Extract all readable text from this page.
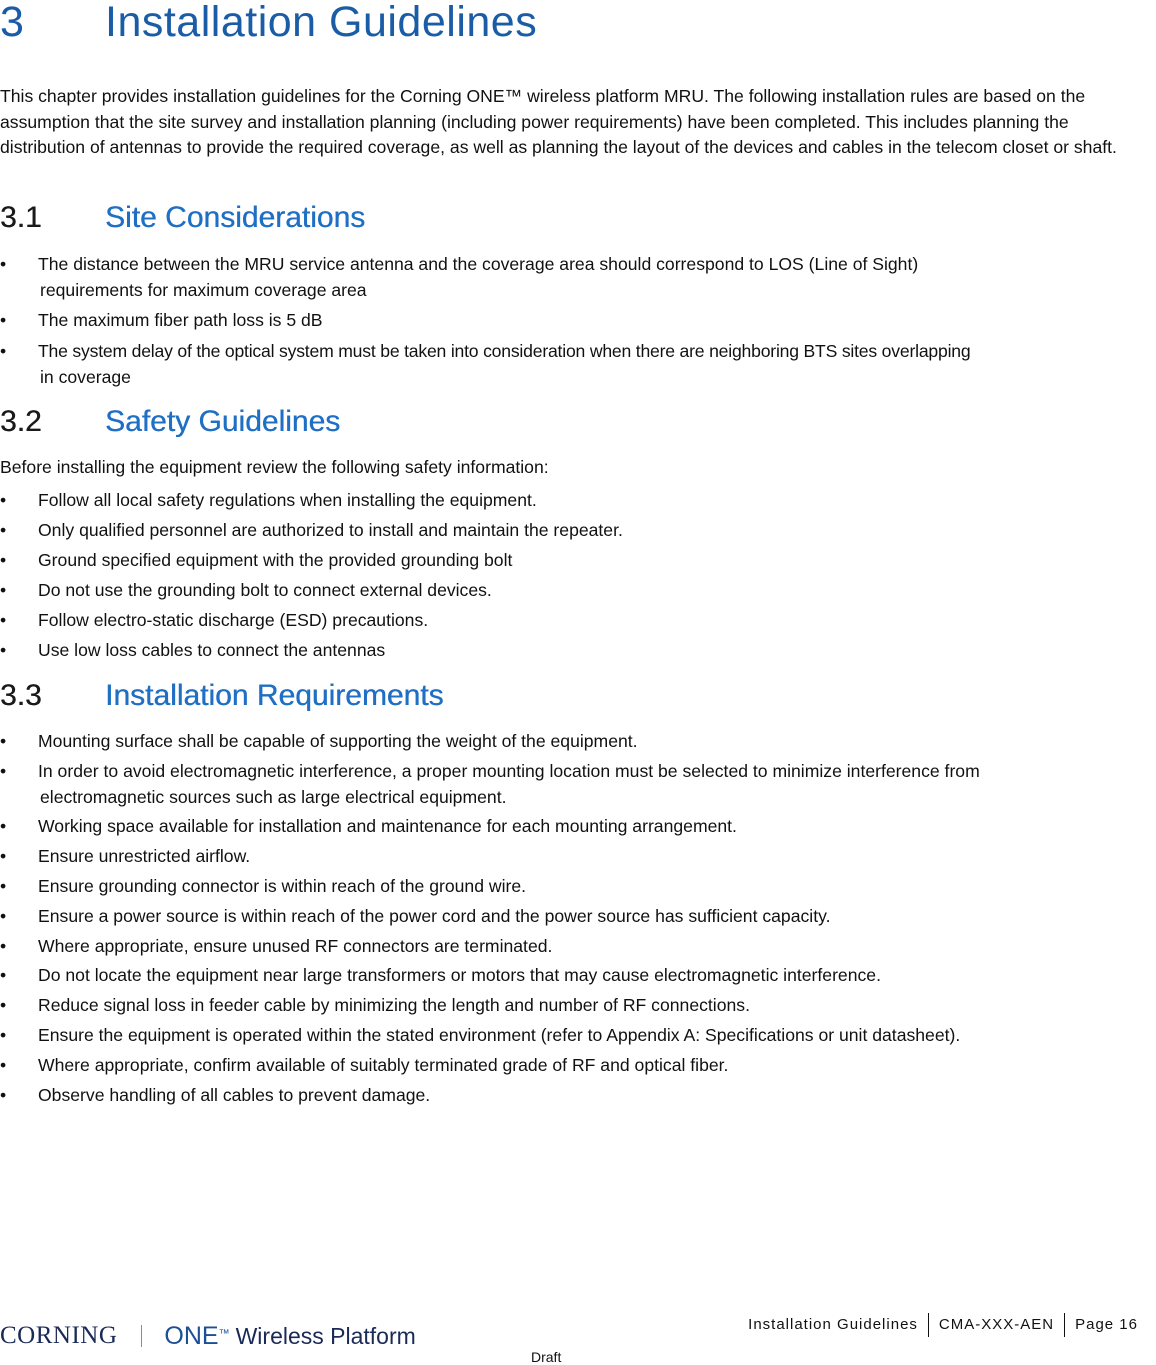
3 Installation Guidelines

This chapter provides installation guidelines for the Corning ONE™ wireless platform MRU. The following installation rules are based on the assumption that the site survey and installation planning (including power requirements) have been completed. This includes planning the distribution of antennas to provide the required coverage, as well as planning the layout of the devices and cables in the telecom closet or shaft.

3.1 Site Considerations
•	The distance between the MRU service antenna and the coverage area should correspond to LOS (Line of Sight)
requirements for maximum coverage area
•	The maximum fiber path loss is 5 dB
•	The system delay of the optical system must be taken into consideration when there are neighboring BTS sites overlapping
in coverage
3.2 Safety Guidelines

Before installing the equipment review the following safety information:

•	Follow all local safety regulations when installing the equipment.
•	Only qualified personnel are authorized to install and maintain the repeater.
•	Ground specified equipment with the provided grounding bolt
•	Do not use the grounding bolt to connect external devices.
•	Follow electro-static discharge (ESD) precautions.
•	Use low loss cables to connect the antennas
3.3 Installation Requirements
•	Mounting surface shall be capable of supporting the weight of the equipment.
•	In order to avoid electromagnetic interference, a proper mounting location must be selected to minimize interference from
electromagnetic sources such as large electrical equipment.
•	Working space available for installation and maintenance for each mounting arrangement.
•	Ensure unrestricted airflow.
•	Ensure grounding connector is within reach of the ground wire.
•	Ensure a power source is within reach of the power cord and the power source has sufficient capacity.
•	Where appropriate, ensure unused RF connectors are terminated.
•	Do not locate the equipment near large transformers or motors that may cause electromagnetic interference.
•	Reduce signal loss in feeder cable by minimizing the length and number of RF connections.
•	Ensure the equipment is operated within the stated environment (refer to Appendix A: Specifications or unit datasheet).
•	Where appropriate, confirm available of suitably terminated grade of RF and optical fiber.
•	Observe handling of all cables to prevent damage.
CORNING ONE ™ Wireless Platform	Installation Guidelines	CMA-XXX-AEN	Page 16
Draft
